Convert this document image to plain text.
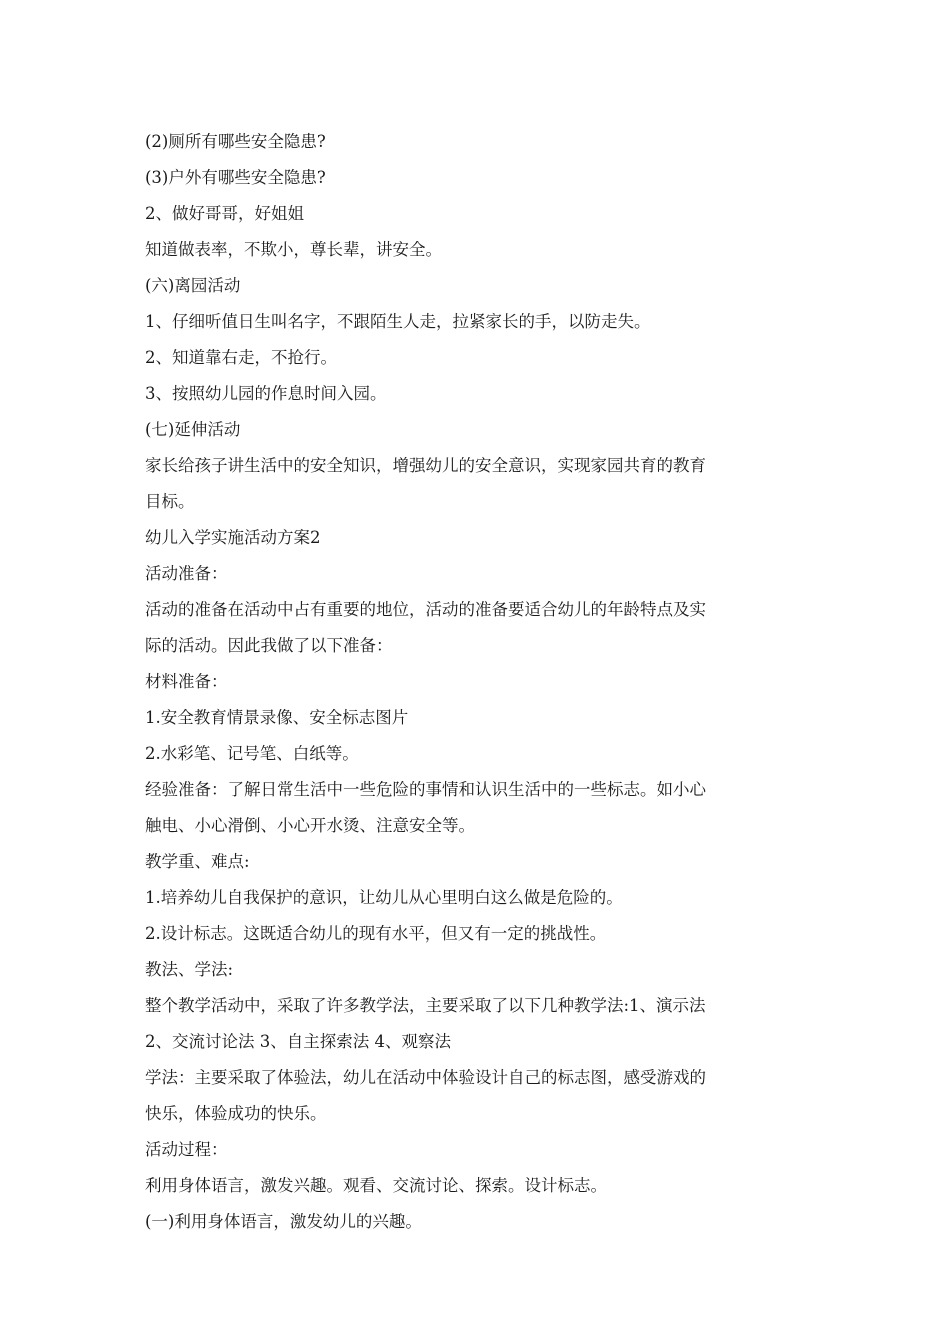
(2)厕所有哪些安全隐患?
(3)户外有哪些安全隐患?
2、做好哥哥，好姐姐
知道做表率，不欺小，尊长辈，讲安全。
(六)离园活动
1、仔细听值日生叫名字，不跟陌生人走，拉紧家长的手，以防走失。
2、知道靠右走，不抢行。
3、按照幼儿园的作息时间入园。
(七)延伸活动
家长给孩子讲生活中的安全知识，增强幼儿的安全意识，实现家园共育的教育
目标。
幼儿入学实施活动方案2
活动准备：
活动的准备在活动中占有重要的地位，活动的准备要适合幼儿的年龄特点及实
际的活动。因此我做了以下准备：
材料准备：
1.安全教育情景录像、安全标志图片
2.水彩笔、记号笔、白纸等。
经验准备：了解日常生活中一些危险的事情和认识生活中的一些标志。如小心
触电、小心滑倒、小心开水烫、注意安全等。
教学重、难点:
1.培养幼儿自我保护的意识，让幼儿从心里明白这么做是危险的。
2.设计标志。这既适合幼儿的现有水平，但又有一定的挑战性。
教法、学法:
整个教学活动中，采取了许多教学法，主要采取了以下几种教学法:1、演示法
2、交流讨论法 3、自主探索法 4、观察法
学法：主要采取了体验法，幼儿在活动中体验设计自己的标志图，感受游戏的
快乐，体验成功的快乐。
活动过程：
利用身体语言，激发兴趣。观看、交流讨论、探索。设计标志。
(一)利用身体语言，激发幼儿的兴趣。
